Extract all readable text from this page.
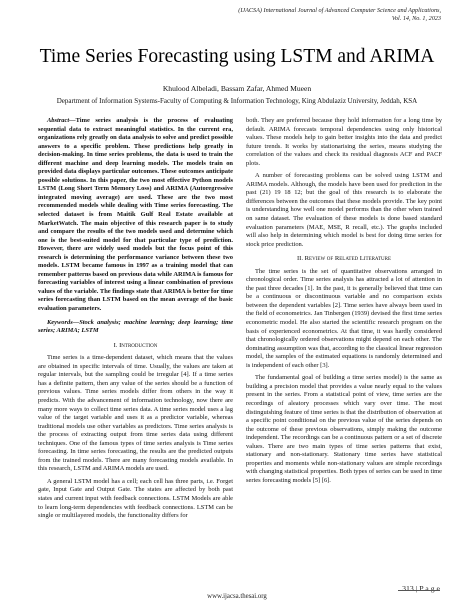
(IJACSA) International Journal of Advanced Computer Science and Applications,
Vol. 14, No. 1, 2023
Time Series Forecasting using LSTM and ARIMA
Khulood Albeladi, Bassam Zafar, Ahmed Mueen
Department of Information Systems-Faculty of Computing & Information Technology, King Abdulaziz University, Jeddah, KSA

Abstract—Time series analysis is the process of evaluating sequential data to extract meaningful statistics. In the current era, organizations rely greatly on data analysis to solve and predict possible answers to a specific problem. These predictions help greatly in decision-making. In time series problems, the data is used to train the different machine and deep learning models. The models train on provided data displays particular outcomes. These outcomes anticipate possible solutions. In this paper, the two most effective Python models LSTM (Long Short Term Memory Loss) and ARIMA (Autoregressive integrated moving average) are used. These are the two most recommended models while dealing with Time series forecasting. The selected dataset is from Maitik Gulf Real Estate available at MarketWatch. The main objective of this research paper is to study and compare the results of the two models used and determine which one is the best-suited model for that particular type of prediction. However, there are widely used models but the focus point of this research is determining the performance variance between these two models. LSTM became famous in 1997 as a training model that can remember patterns based on previous data while ARIMA is famous for forecasting variables of interest using a linear combination of previous values of the variable. The findings state that ARIMA is better for time series forecasting than LSTM based on the mean average of the basic evaluation parameters.

Keywords—Stock analysis; machine learning; deep learning; time series; ARIMA; LSTM

I. Introduction

Time series is a time-dependent dataset, which means that the values are obtained in specific intervals of time. Usually, the values are taken at regular intervals, but the sampling could be irregular [4]. If a time series has a definite pattern, then any value of the series should be a function of previous values. Time series models differ from others in the way it predicts. With the advancement of information technology, now there are many more ways to collect time series data. A time series model uses a lag value of the target variable and uses it as a predictor variable, whereas traditional models use other variables as predictors. Time series analysis is the process of extracting output from time series data using different techniques. One of the famous types of time series analysis is Time series forecasting. In time series forecasting, the results are the predicted outputs from the trained models. There are many forecasting models available. In this research, LSTM and ARIMA models are used.

A general LSTM model has a cell; each cell has three parts, i.e. Forget gate, Input Gate and Output Gate. The states are affected by both past states and current input with feedback connections. LSTM Models are able to learn long-term dependencies with feedback connections. LSTM can be single or multilayered models, the functionality differs for

both. They are preferred because they hold information for a long time by default. ARIMA forecasts temporal dependencies using only historical values. These models help to gain better insights into the data and predict future trends. It works by stationarising the series, means studying the correlation of the values and check its residual diagnosis ACF and PACF plots.

A number of forecasting problems can be solved using LSTM and ARIMA models. Although, the models have been used for prediction in the past (21) 19 18 12; but the goal of this research is to elaborate the differences between the outcomes that these models provide. The key point is understanding how well one model performs than the other when trained on same dataset. The evaluation of these models is done based standard evaluation parameters (MAE, MSE, R recall, etc.). The graphs included will also help in determining which model is best for doing time series for stock price prediction.

II. Review of Related Literature

The time series is the set of quantitative observations arranged in chronological order. Time series analysis has attracted a lot of attention in the past three decades [1]. In the past, it is generally believed that time can be a continuous or discontinuous variable and no comparison exists between the dependent variables [2]. Time series have always been used in the field of econometrics. Jan Tinbergen (1939) devised the first time series econometric model. He also started the scientific research program on the basis of experienced econometrics. At that time, it was hardly considered that chronologically ordered observations might depend on each other. The dominating assumption was that, according to the classical linear regression model, the samples of the estimated equations is randomly determined and is independent of each other [3].

The fundamental goal of building a time series model) is the same as building a precision model that provides a value nearly equal to the values present in the series. From a statistical point of view, time series are the recordings of aleatory processes which vary over time. The most distinguishing feature of time series is that the distribution of observation at a specific point conditional on the previous value of the series depends on the outcome of these previous observations, simply making the outcome independent. The recordings can be a continuous pattern or a set of discrete values. There are two main types of time series patterns that exist, stationary and non-stationary. Stationary time series have statistical properties and moments while non-stationary values are simple recordings with changing statistical properties. Both types of series can be used in time series forecasting models [5] [6].

313 | P a g e
www.ijacsa.thesai.org
